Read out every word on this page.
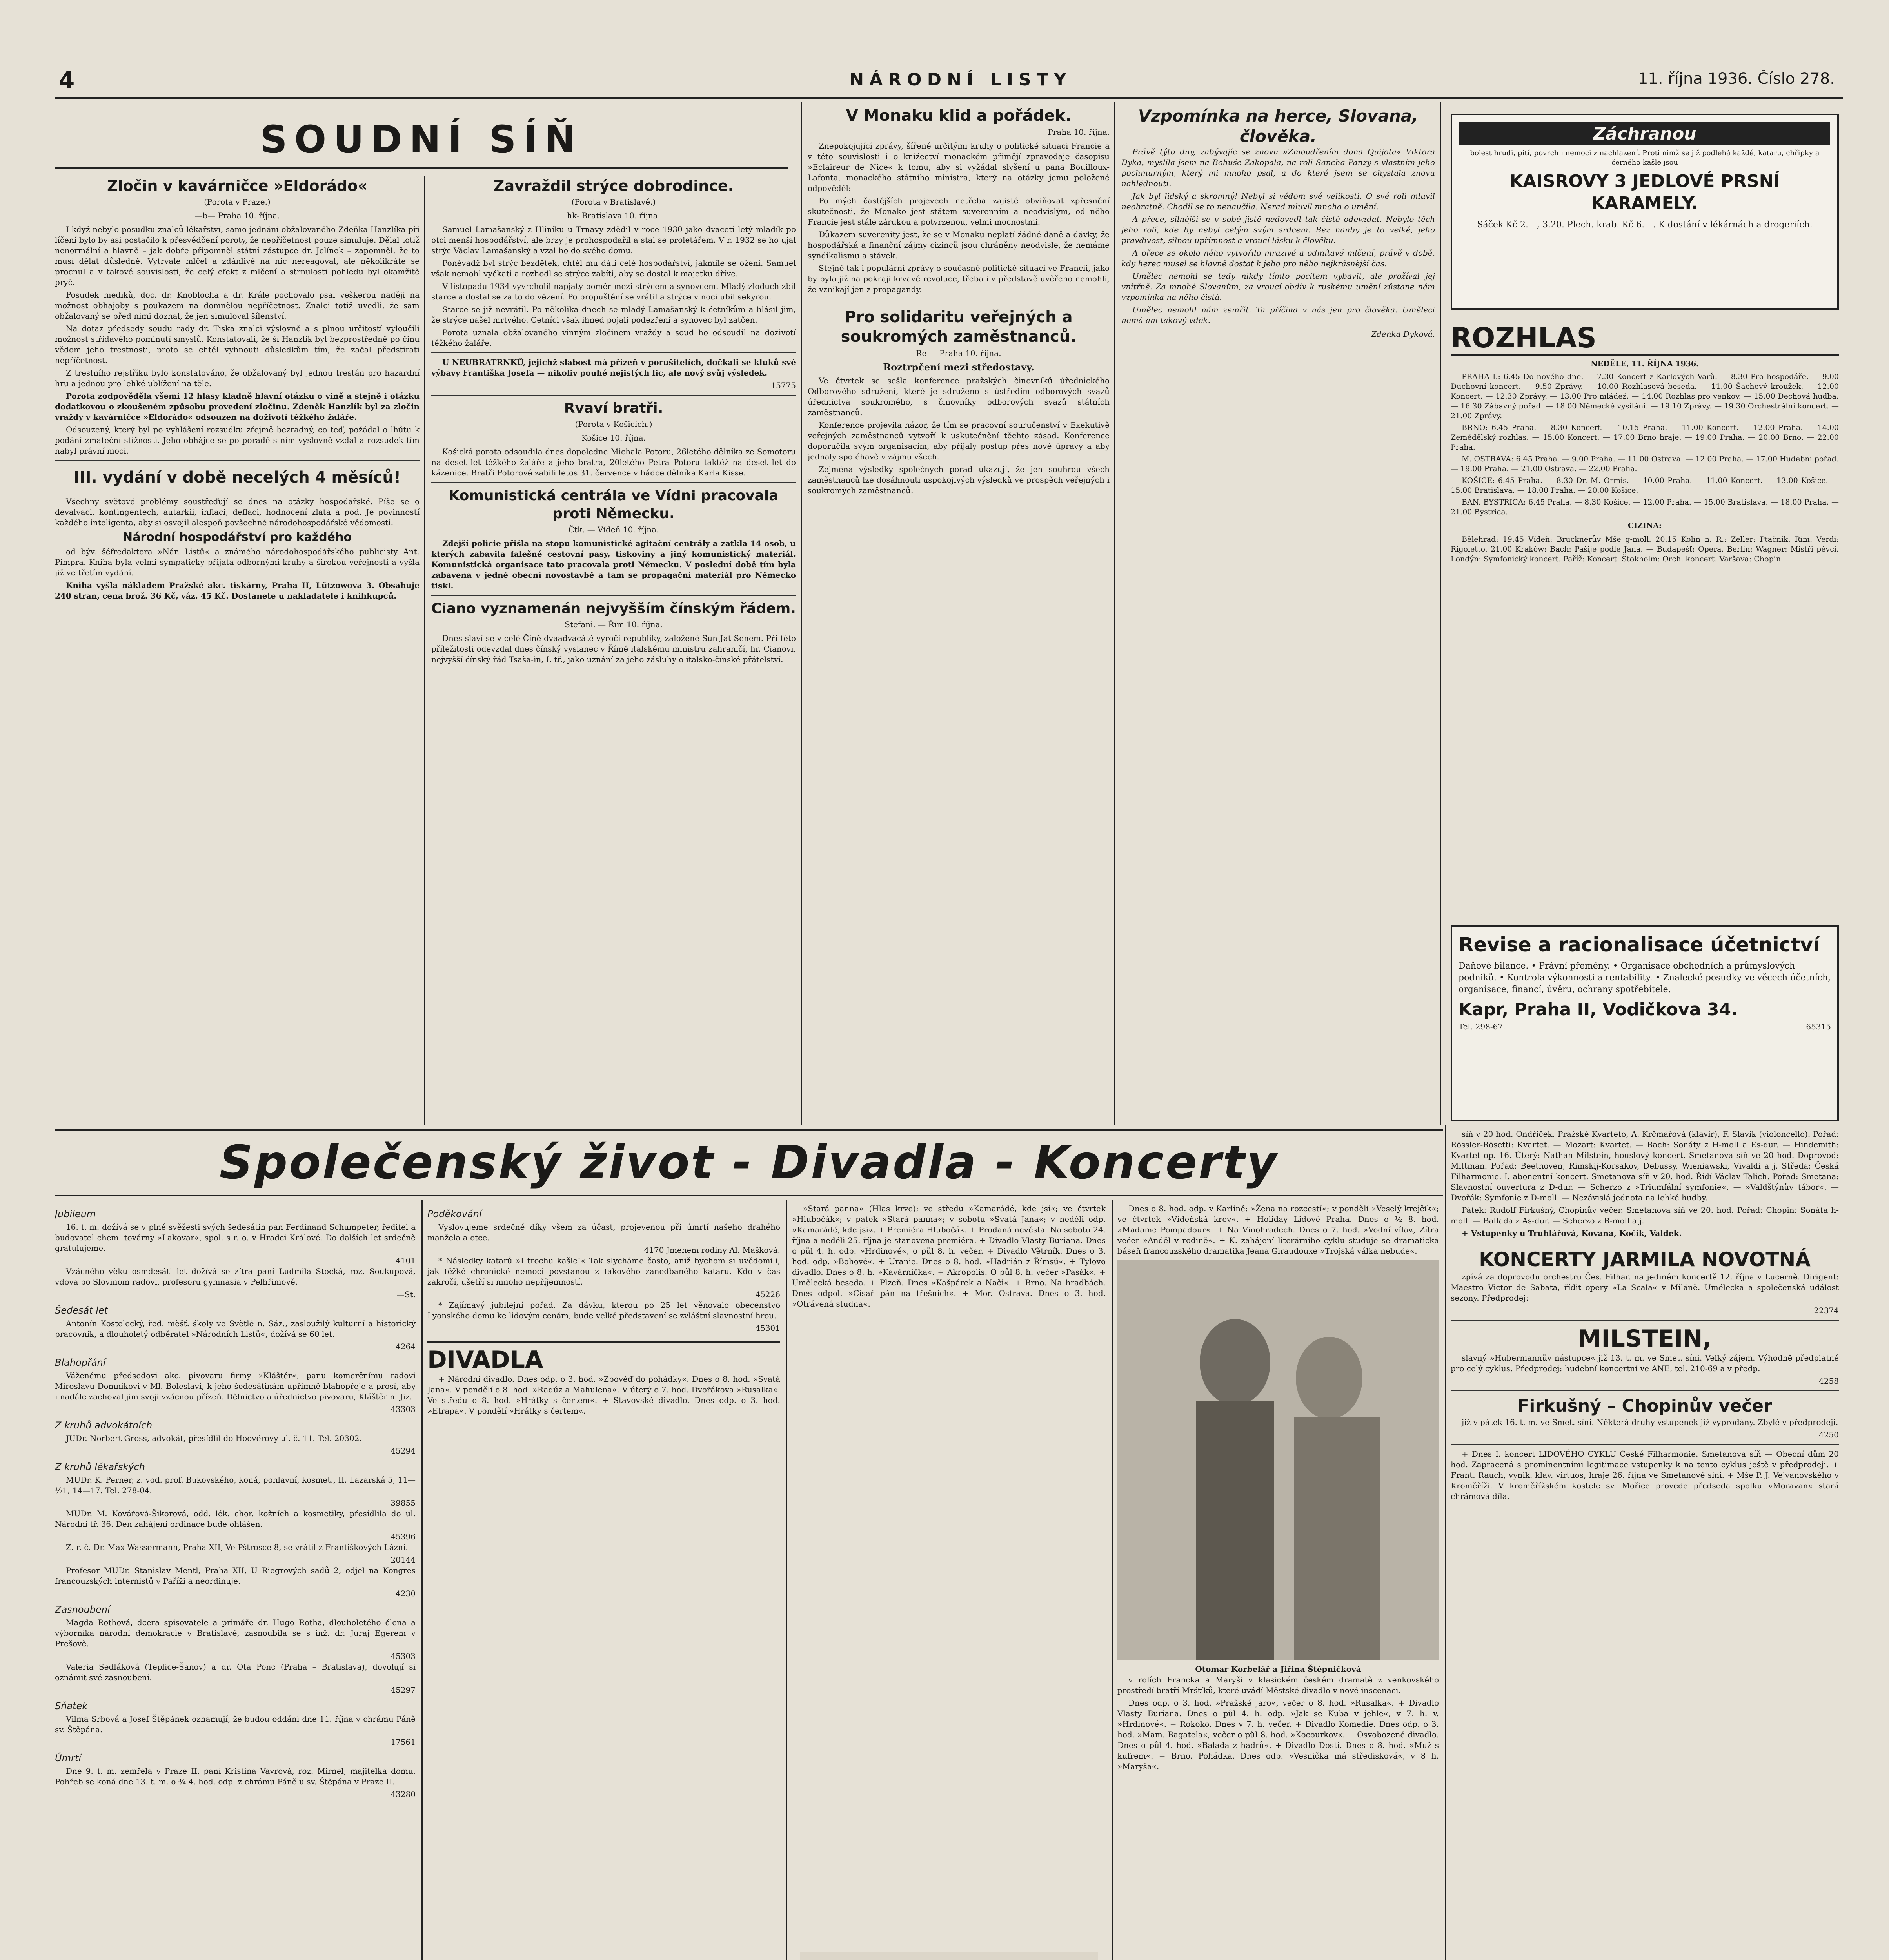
4	NÁRODNÍ LISTY	11. října 1936. Číslo 278.
SOUDNÍ SÍŇ
Zločin v kavárničce »Eldorádo«
(Porota v Praze.)
—b— Praha 10. října.

I když nebylo posudku znalců lékařství, samo jednání obžalovaného Zdeňka Hanzlíka při líčení bylo by asi postačilo k přesvědčení poroty, že nepříčetnost pouze simuluje. Dělal totiž nenormální a hlavně – jak dobře připomněl státní zástupce dr. Jelínek – zapomněl, že to musí dělat důsledně. Vytrvale mlčel a zdánlivě na nic nereagoval, ale několikráte se procnul a v takové souvislosti, že celý efekt z mlčení a strnulosti pohledu byl okamžitě pryč.

Posudek mediků, doc. dr. Knoblocha a dr. Krále pochovalo psal veškerou naději na možnost obhajoby s poukazem na domnělou nepříčetnost. Znalci totiž uvedli, že sám obžalovaný se před nimi doznal, že jen simuloval šílenství.

Na dotaz předsedy soudu rady dr. Tiska znalci výslovně a s plnou určitostí vyloučili možnost střídavého pominutí smyslů. Konstatovali, že ší Hanzlík byl bezprostředně po činu vědom jeho trestnosti, proto se chtěl vyhnouti důsledkům tím, že začal předstírati nepříčetnost.

Z trestního rejstříku bylo konstatováno, že obžalovaný byl jednou trestán pro hazardní hru a jednou pro lehké ublížení na těle.

Porota zodpověděla všemi 12 hlasy kladně hlavní otázku o vině a stejně i otázku dodatkovou o zkoušeném způsobu provedení zločinu. Zdeněk Hanzlík byl za zločin vraždy v kavárničce »Eldorádo« odsouzen na doživotí těžkého žaláře.

Odsouzený, který byl po vyhlášení rozsudku zřejmě bezradný, co teď, požádal o lhůtu k podání zmateční stížnosti. Jeho obhájce se po poradě s ním výslovně vzdal a rozsudek tím nabyl právní moci.

III. vydání v době necelých 4 měsíců!

Všechny světové problémy soustřeďují se dnes na otázky hospodářské. Píše se o devalvaci, kontingentech, autarkii, inflaci, deflaci, hodnocení zlata a pod. Je povinností každého inteligenta, aby si osvojil alespoň povšechné národohospodářské vědomosti.

Národní hospodářství pro každého

od býv. šéfredaktora »Nár. Listů« a známého národohospodářského publicisty Ant. Pimpra. Kniha byla velmi sympaticky přijata odbornými kruhy a širokou veřejností a vyšla již ve třetím vydání.

Kniha vyšla nákladem Pražské akc. tiskárny, Praha II, Lützowova 3. Obsahuje 240 stran, cena brož. 36 Kč, váz. 45 Kč. Dostanete u nakladatele i knihkupců.

Zavraždil strýce dobrodince.
(Porota v Bratislavě.)
hk- Bratislava 10. října.

Samuel Lamašanský z Hliníku u Trnavy zdědil v roce 1930 jako dvaceti letý mladík po otci menší hospodářství, ale brzy je prohospodařil a stal se proletářem. V r. 1932 se ho ujal strýc Václav Lamašanský a vzal ho do svého domu.

Poněvadž byl strýc bezdětek, chtěl mu dáti celé hospodářství, jakmile se ožení. Samuel však nemohl vyčkati a rozhodl se strýce zabíti, aby se dostal k majetku dříve.

V listopadu 1934 vyvrcholil napjatý poměr mezi strýcem a synovcem. Mladý zloduch zbil starce a dostal se za to do vězení. Po propuštění se vrátil a strýce v noci ubil sekyrou.

Starce se již nevrátil. Po několika dnech se mladý Lamašanský k četníkům a hlásil jim, že strýce našel mrtvého. Četníci však ihned pojali podezření a synovec byl zatčen.

Porota uznala obžalovaného vinným zločinem vraždy a soud ho odsoudil na doživotí těžkého žaláře.

U NEUBRATRNKŮ, jejichž slabost má přízeň v porušitelích, dočkali se kluků své výbavy Františka Josefa — nikoliv pouhé nejistých lic, ale nový svůj výsledek.

15775
Rvaví bratři.
(Porota v Košicích.)
Košice 10. října.

Košická porota odsoudila dnes dopoledne Michala Potoru, 26letého dělníka ze Somotoru na deset let těžkého žaláře a jeho bratra, 20letého Petra Potoru taktéž na deset let do kázenice. Bratři Potorové zabili letos 31. července v hádce dělníka Karla Kisse.

Komunistická centrála ve Vídni pracovala proti Německu.
Čtk. — Vídeň 10. října.

Zdejší policie přišla na stopu komunistické agitační centrály a zatkla 14 osob, u kterých zabavila falešné cestovní pasy, tiskoviny a jiný komunistický materiál. Komunistická organisace tato pracovala proti Německu. V poslední době tím byla zabavena v jedné obecní novostavbě a tam se propagační materiál pro Německo tiskl.

Ciano vyznamenán nejvyšším čínským řádem.
Stefani. — Řím 10. října.

Dnes slaví se v celé Číně dvaadvacáté výročí republiky, založené Sun-Jat-Senem. Při této příležitosti odevzdal dnes čínský vyslanec v Římě italskému ministru zahraničí, hr. Cianovi, nejvyšší čínský řád Tsaša-in, I. tř., jako uznání za jeho zásluhy o italsko-čínské přátelství.

V Monaku klid a pořádek.
Praha 10. října.

Znepokojující zprávy, šířené určitými kruhy o politické situaci Francie a v této souvislosti i o knížectví monackém přimějí zpravodaje časopisu »Eclaireur de Nice« k tomu, aby si vyžádal slyšení u pana Bouilloux-Lafonta, monackého státního ministra, který na otázky jemu položené odpověděl:

Po mých častějších projevech netřeba zajisté obviňovat zpřesnění skutečnosti, že Monako jest státem suverenním a neodvislým, od něho Francie jest stále zárukou a potvrzenou, velmi mocnostmi.

Důkazem suverenity jest, že se v Monaku neplatí žádné daně a dávky, že hospodářská a finanční zájmy cizinců jsou chráněny neodvisle, že nemáme syndikalismu a stávek.

Stejně tak i populární zprávy o současné politické situaci ve Francii, jako by byla již na pokraji krvavé revoluce, třeba i v představě uvěřeno nemohli, že vznikají jen z propagandy.

Pro solidaritu veřejných a soukromých zaměstnanců.
Re — Praha 10. října.
Roztrpčení mezi středostavy.

Ve čtvrtek se sešla konference pražských činovníků úřednického Odborového sdružení, které je sdruženo s ústředím odborových svazů úřednictva soukromého, s činovníky odborových svazů státních zaměstnanců.

Konference projevila názor, že tím se pracovní souručenství v Exekutivě veřejných zaměstnanců vytvoří k uskutečnění těchto zásad. Konference doporučila svým organisacím, aby přijaly postup přes nové úpravy a aby jednaly spoléhavě v zájmu všech.

Zejména výsledky společných porad ukazují, že jen souhrou všech zaměstnanců lze dosáhnouti uspokojivých výsledků ve prospěch veřejných i soukromých zaměstnanců.

Vzpomínka na herce, Slovana, člověka.

Právě týto dny, zabývajíc se znovu »Zmoudřením dona Quijota« Viktora Dyka, myslila jsem na Bohuše Zakopala, na roli Sancha Panzy s vlastním jeho pochmurným, který mi mnoho psal, a do které jsem se chystala znovu nahlédnouti.

Jak byl lidský a skromný! Nebyl si vědom své velikosti. O své roli mluvil neobratně. Chodil se to nenaučila. Nerad mluvil mnoho o umění.

A přece, silnější se v sobě jistě nedovedl tak čistě odevzdat. Nebylo těch jeho rolí, kde by nebyl celým svým srdcem. Bez hanby je to velké, jeho pravdivost, silnou upřímnost a vroucí lásku k člověku.

A přece se okolo něho vytvořilo mrazivé a odmítavé mlčení, právě v době, kdy herec musel se hlavně dostat k jeho pro něho nejkrásnější čas.

Umělec nemohl se tedy nikdy tímto pocitem vybavit, ale prožíval jej vnitřně. Za mnohé Slovanům, za vroucí obdiv k ruskému umění zůstane nám vzpomínka na něho čistá.

Umělec nemohl nám zemřít. Ta příčina v nás jen pro člověka. Uměleci nemá ani takový vděk.

Zdenka Dyková.
Záchranou
bolest hrudi, pití, povrch i nemoci z nachlazení. Proti nimž se již podlehá každé, kataru, chřipky a černého kašle jsou
KAISROVY 3 JEDLOVÉ PRSNÍ KARAMELY.
Sáček Kč 2.—, 3.20. Plech. krab. Kč 6.—. K dostání v lékárnách a drogeriích.
ROZHLAS
NEDĚLE, 11. ŘÍJNA 1936.

PRAHA I.: 6.45 Do nového dne. — 7.30 Koncert z Karlových Varů. — 8.30 Pro hospodáře. — 9.00 Duchovní koncert. — 9.50 Zprávy. — 10.00 Rozhlasová beseda. — 11.00 Šachový kroužek. — 12.00 Koncert. — 12.30 Zprávy. — 13.00 Pro mládež. — 14.00 Rozhlas pro venkov. — 15.00 Dechová hudba. — 16.30 Zábavný pořad. — 18.00 Německé vysílání. — 19.10 Zprávy. — 19.30 Orchestrální koncert. — 21.00 Zprávy.

BRNO: 6.45 Praha. — 8.30 Koncert. — 10.15 Praha. — 11.00 Koncert. — 12.00 Praha. — 14.00 Zemědělský rozhlas. — 15.00 Koncert. — 17.00 Brno hraje. — 19.00 Praha. — 20.00 Brno. — 22.00 Praha.

M. OSTRAVA: 6.45 Praha. — 9.00 Praha. — 11.00 Ostrava. — 12.00 Praha. — 17.00 Hudební pořad. — 19.00 Praha. — 21.00 Ostrava. — 22.00 Praha.

KOŠICE: 6.45 Praha. — 8.30 Dr. M. Ormis. — 10.00 Praha. — 11.00 Koncert. — 13.00 Košice. — 15.00 Bratislava. — 18.00 Praha. — 20.00 Košice.

BAN. BYSTRICA: 6.45 Praha. — 8.30 Košice. — 12.00 Praha. — 15.00 Bratislava. — 18.00 Praha. — 21.00 Bystrica.

CIZINA:

Bělehrad: 19.45 Vídeň: Brucknerův Mše g-moll. 20.15 Kolín n. R.: Zeller: Ptačník. Rím: Verdi: Rigoletto. 21.00 Kraków: Bach: Pašije podle Jana. — Budapešť: Opera. Berlín: Wagner: Mistři pěvci. Londýn: Symfonický koncert. Paříž: Koncert. Štokholm: Orch. koncert. Varšava: Chopin.

Revise a racionalisace účetnictví
Daňové bilance. • Právní přeměny. • Organisace obchodních a průmyslových podniků. • Kontrola výkonnosti a rentability. • Znalecké posudky ve věcech účetních, organisace, financí, úvěru, ochrany spotřebitele.
Kapr, Praha II, Vodičkova 34.
Tel. 298-67.	65315
Společenský život - Divadla - Koncerty
Jubileum

16. t. m. dožívá se v plné svěžesti svých šedesátin pan Ferdinand Schumpeter, ředitel a budovatel chem. továrny »Lakovar«, spol. s r. o. v Hradci Králové. Do dalších let srdečně gratulujeme.

4101

Vzácného věku osmdesáti let dožívá se zítra paní Ludmila Stocká, roz. Soukupová, vdova po Slovinom radovi, profesoru gymnasia v Pelhřimově.

—St.
Šedesát let

Antonín Kostelecký, řed. měšť. školy ve Světlé n. Sáz., zasloužilý kulturní a historický pracovník, a dlouholetý odběratel »Národních Listů«, dožívá se 60 let.

4264
Blahopřání

Váženému předsedovi akc. pivovaru firmy »Kláštěr«, panu komerčnímu radovi Miroslavu Domníkovi v Ml. Boleslavi, k jeho šedesátinám upřímně blahopřeje a prosí, aby i nadále zachoval jim svoji vzácnou přízeň. Dělnictvo a úřednictvo pivovaru, Kláštěr n. Jiz.

43303
Z kruhů advokátních

JUDr. Norbert Gross, advokát, přesídlil do Hoověrovy ul. č. 11. Tel. 20302.

45294
Z kruhů lékařských

MUDr. K. Perner, z. vod. prof. Bukovského, koná, pohlavní, kosmet., II. Lazarská 5, 11—½1, 14—17. Tel. 278-04.

39855

MUDr. M. Kovářová-Šikorová, odd. lék. chor. kožních a kosmetiky, přesídlila do ul. Národní tř. 36. Den zahájení ordinace bude ohlášen.

45396

Z. r. č. Dr. Max Wassermann, Praha XII, Ve Pštrosce 8, se vrátil z Františkových Lázní.

20144

Profesor MUDr. Stanislav Mentl, Praha XII, U Riegrových sadů 2, odjel na Kongres francouzských internistů v Paříži a neordinuje.

4230
Zasnoubení

Magda Rothová, dcera spisovatele a primáře dr. Hugo Rotha, dlouholetého člena a výborníka národní demokracie v Bratislavě, zasnoubila se s inž. dr. Juraj Egerem v Prešově.

45303

Valeria Sedláková (Teplice-Šanov) a dr. Ota Ponc (Praha – Bratislava), dovolují si oznámit své zasnoubení.

45297
Sňatek

Vilma Srbová a Josef Štěpánek oznamují, že budou oddáni dne 11. října v chrámu Páně sv. Štěpána.

17561
Úmrtí

Dne 9. t. m. zemřela v Praze II. paní Kristina Vavrová, roz. Mirnel, majitelka domu. Pohřeb se koná dne 13. t. m. o ¾ 4. hod. odp. z chrámu Páně u sv. Štěpána v Praze II.

43280
Poděkování

Vyslovujeme srdečné díky všem za účast, projevenou při úmrtí našeho drahého manžela a otce.

4170 Jmenem rodiny Al. Mašková.

* Následky katarů »I trochu kašle!« Tak slycháme často, aniž bychom si uvědomili, jak těžké chronické nemoci povstanou z takového zanedbaného kataru. Kdo v čas zakročí, ušetří si mnoho nepříjemností.

45226

* Zajímavý jubilejní pořad. Za dávku, kterou po 25 let věnovalo obecenstvo Lyonského domu ke lidovým cenám, bude velké představení se zvláštní slavnostní hrou.

45301
DIVADLA

+ Národní divadlo. Dnes odp. o 3. hod. »Zpověď do pohádky«. Dnes o 8. hod. »Svatá Jana«. V pondělí o 8. hod. »Radúz a Mahulena«. V úterý o 7. hod. Dvořákova »Rusalka«. Ve středu o 8. hod. »Hrátky s čertem«. + Stavovské divadlo. Dnes odp. o 3. hod. »Etrapa«. V pondělí »Hrátky s čertem«.

»Stará panna« (Hlas krve); ve středu »Kamarádé, kde jsi«; ve čtvrtek »Hlubočák«; v pátek »Stará panna«; v sobotu »Svatá Jana«; v neděli odp. »Kamarádé, kde jsi«. + Premiéra Hlubočák. + Prodaná nevěsta. Na sobotu 24. října a neděli 25. října je stanovena premiéra. + Divadlo Vlasty Buriana. Dnes o půl 4. h. odp. »Hrdinové«, o půl 8. h. večer. + Divadlo Větrník. Dnes o 3. hod. odp. »Bohové«. + Uranie. Dnes o 8. hod. »Hadrián z Římsů«. + Tylovo divadlo. Dnes o 8. h. »Kavárnička«. + Akropolis. O půl 8. h. večer »Pasák«. + Umělecká beseda. + Plzeň. Dnes »Kašpárek a Nači«. + Brno. Na hradbách. Dnes odpol. »Císař pán na třešních«. + Mor. Ostrava. Dnes o 3. hod. »Otrávená studna«.

Dnes o 8. hod. odp. v Karlíně: »Žena na rozcestí«; v pondělí »Veselý krejčík«; ve čtvrtek »Vídeňská krev«. + Holiday Lidové Praha. Dnes o ½ 8. hod. »Madame Pompadour«. + Na Vinohradech. Dnes o 7. hod. »Vodní víla«, Zítra večer »Anděl v rodině«. + K. zahájení literárního cyklu studuje se dramatická báseň francouzského dramatika Jeana Giraudouxe »Trojská válka nebude«.

Otomar Korbelář a Jiřina Štěpničková

v rolích Francka a Maryši v klasickém českém dramatě z venkovského prostředí bratří Mrštíků, které uvádí Městské divadlo v nové inscenaci.

Dnes odp. o 3. hod. »Pražské jaro«, večer o 8. hod. »Rusalka«. + Divadlo Vlasty Buriana. Dnes o půl 4. h. odp. »Jak se Kuba v jehle«, v 7. h. v. »Hrdinové«. + Rokoko. Dnes v 7. h. večer. + Divadlo Komedie. Dnes odp. o 3. hod. »Mam. Bagatela«, večer o půl 8. hod. »Kocourkov«. + Osvobozené divadlo. Dnes o půl 4. hod. »Balada z hadrů«. + Divadlo Dostí. Dnes o 8. hod. »Muž s kufrem«. + Brno. Pohádka. Dnes odp. »Vesnička má středisková«, v 8 h. »Maryša«.

síň v 20 hod. Ondříček. Pražské Kvarteto, A. Krčmářová (klavír), F. Slavík (violoncello). Pořad: Rössler-Rösetti: Kvartet. — Mozart: Kvartet. — Bach: Sonáty z H-moll a Es-dur. — Hindemith: Kvartet op. 16. Úterý: Nathan Milstein, houslový koncert. Smetanova síň ve 20 hod. Doprovod: Mittman. Pořad: Beethoven, Rimskij-Korsakov, Debussy, Wieniawski, Vivaldi a j. Středa: Česká Filharmonie. I. abonentní koncert. Smetanova síň v 20. hod. Řídí Václav Talich. Pořad: Smetana: Slavnostní ouvertura z D-dur. — Scherzo z »Triumfální symfonie«. — »Valdštýnův tábor«. — Dvořák: Symfonie z D-moll. — Nezávislá jednota na lehké hudby.

Pátek: Rudolf Firkušný, Chopinův večer. Smetanova síň ve 20. hod. Pořad: Chopin: Sonáta h-moll. — Ballada z As-dur. — Scherzo z B-moll a j.

+ Vstupenky u Truhlářová, Kovana, Kočík, Valdek.

KONCERTY JARMILA NOVOTNÁ

zpívá za doprovodu orchestru Čes. Filhar. na jediném koncertě 12. října v Lucerně. Dirigent: Maestro Victor de Sabata, řídit opery »La Scala« v Miláně. Umělecká a společenská událost sezony. Předprodej:

22374
MILSTEIN,

slavný »Hubermannův nástupce« již 13. t. m. ve Smet. síni. Velký zájem. Výhodně předplatné pro celý cyklus. Předprodej: hudební koncertní ve ANE, tel. 210-69 a v předp.

4258
Firkušný – Chopinův večer

již v pátek 16. t. m. ve Smet. síni. Některá druhy vstupenek již vyprodány. Zbylé v předprodeji.

4250

+ Dnes I. koncert LIDOVÉHO CYKLU České Filharmonie. Smetanova síň — Obecní dům 20 hod. Zapracená s prominentními legitimace vstupenky k na tento cyklus ještě v předprodeji. + Frant. Rauch, vynik. klav. virtuos, hraje 26. října ve Smetanově síni. + Mše P. J. Vejvanovského v Kroměříži. V kroměřížském kostele sv. Mořice provede předseda spolku »Moravan« stará chrámová díla.
